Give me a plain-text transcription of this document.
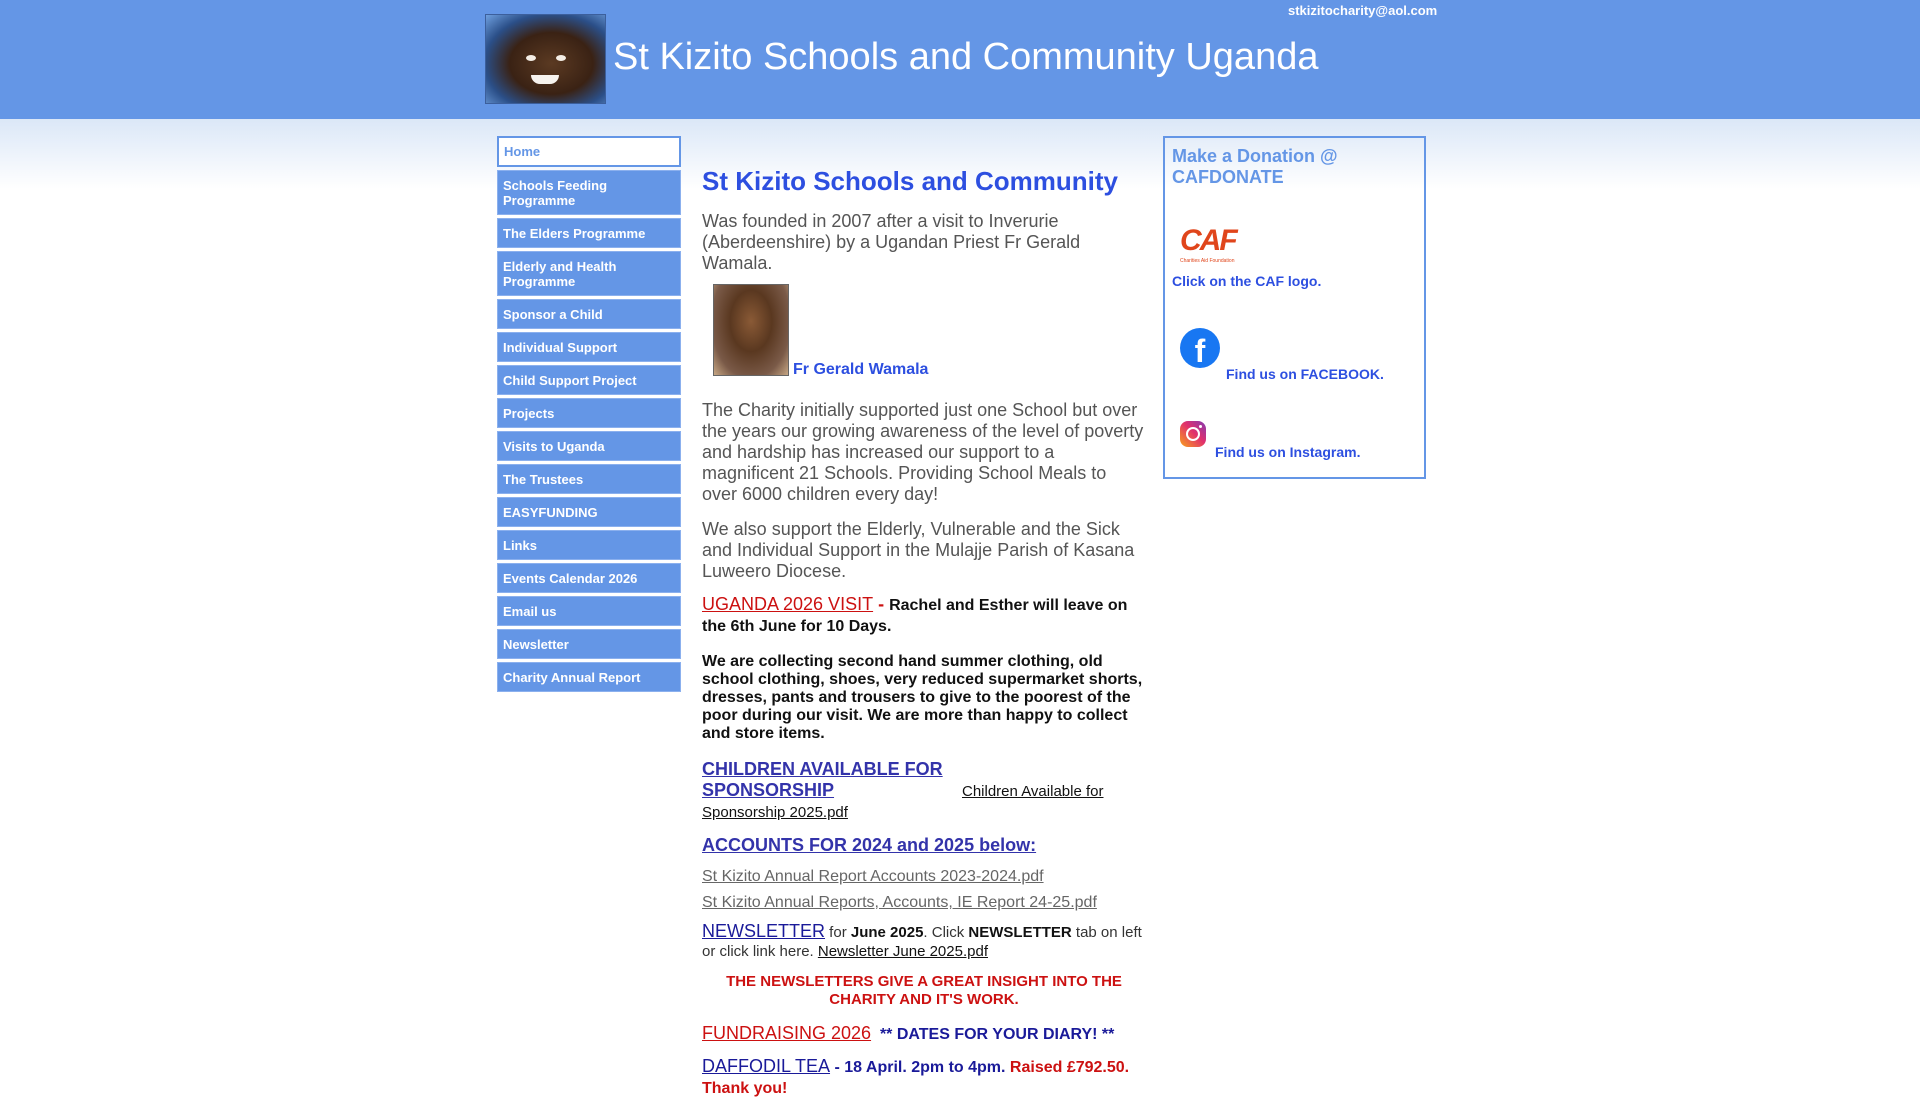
St Kizito Schools and Community Uganda
stkizitocharity@aol.com
Home
Schools Feeding Programme
The Elders Programme
Elderly and Health Programme
Sponsor a Child
Individual Support
Child Support Project
Projects
Visits to Uganda
The Trustees
EASYFUNDING
Links
Events Calendar 2026
Email us
Newsletter
Charity Annual Report

St Kizito Schools and Community

Was founded in 2007 after a visit to Inverurie (Aberdeenshire) by a Ugandan Priest Fr Gerald Wamala.

Fr Gerald Wamala

The Charity initially supported just one School but over the years our growing awareness of the level of poverty and hardship has increased our support to a magnificent 21 Schools. Providing School Meals to over 6000 children every day!

We also support the Elderly, Vulnerable and the Sick and Individual Support in the Mulajje Parish of Kasana Luweero Diocese.

UGANDA 2026 VISIT - Rachel and Esther will leave on the 6th June for 10 Days.

We are collecting second hand summer clothing, old school clothing, shoes, very reduced supermarket shorts, dresses, pants and trousers to give to the poorest of the poor during our visit. We are more than happy to collect and store items.

CHILDREN AVAILABLE FOR SPONSORSHIP	Children Available for Sponsorship 2025.pdf

ACCOUNTS FOR 2024 and 2025 below:

St Kizito Annual Report Accounts 2023-2024.pdf

St Kizito Annual Reports, Accounts, IE Report 24-25.pdf

NEWSLETTER for June 2025. Click NEWSLETTER tab on left or click link here. Newsletter June 2025.pdf

THE NEWSLETTERS GIVE A GREAT INSIGHT INTO THE CHARITY AND IT'S WORK.

FUNDRAISING 2026 ** DATES FOR YOUR DIARY! **

DAFFODIL TEA - 18 April. 2pm to 4pm. Raised £792.50. Thank you!

Make a Donation @ CAFDONATE
CAF
Charities Aid Foundation
Click on the CAF logo.
f
Find us on FACEBOOK.
Find us on Instagram.
